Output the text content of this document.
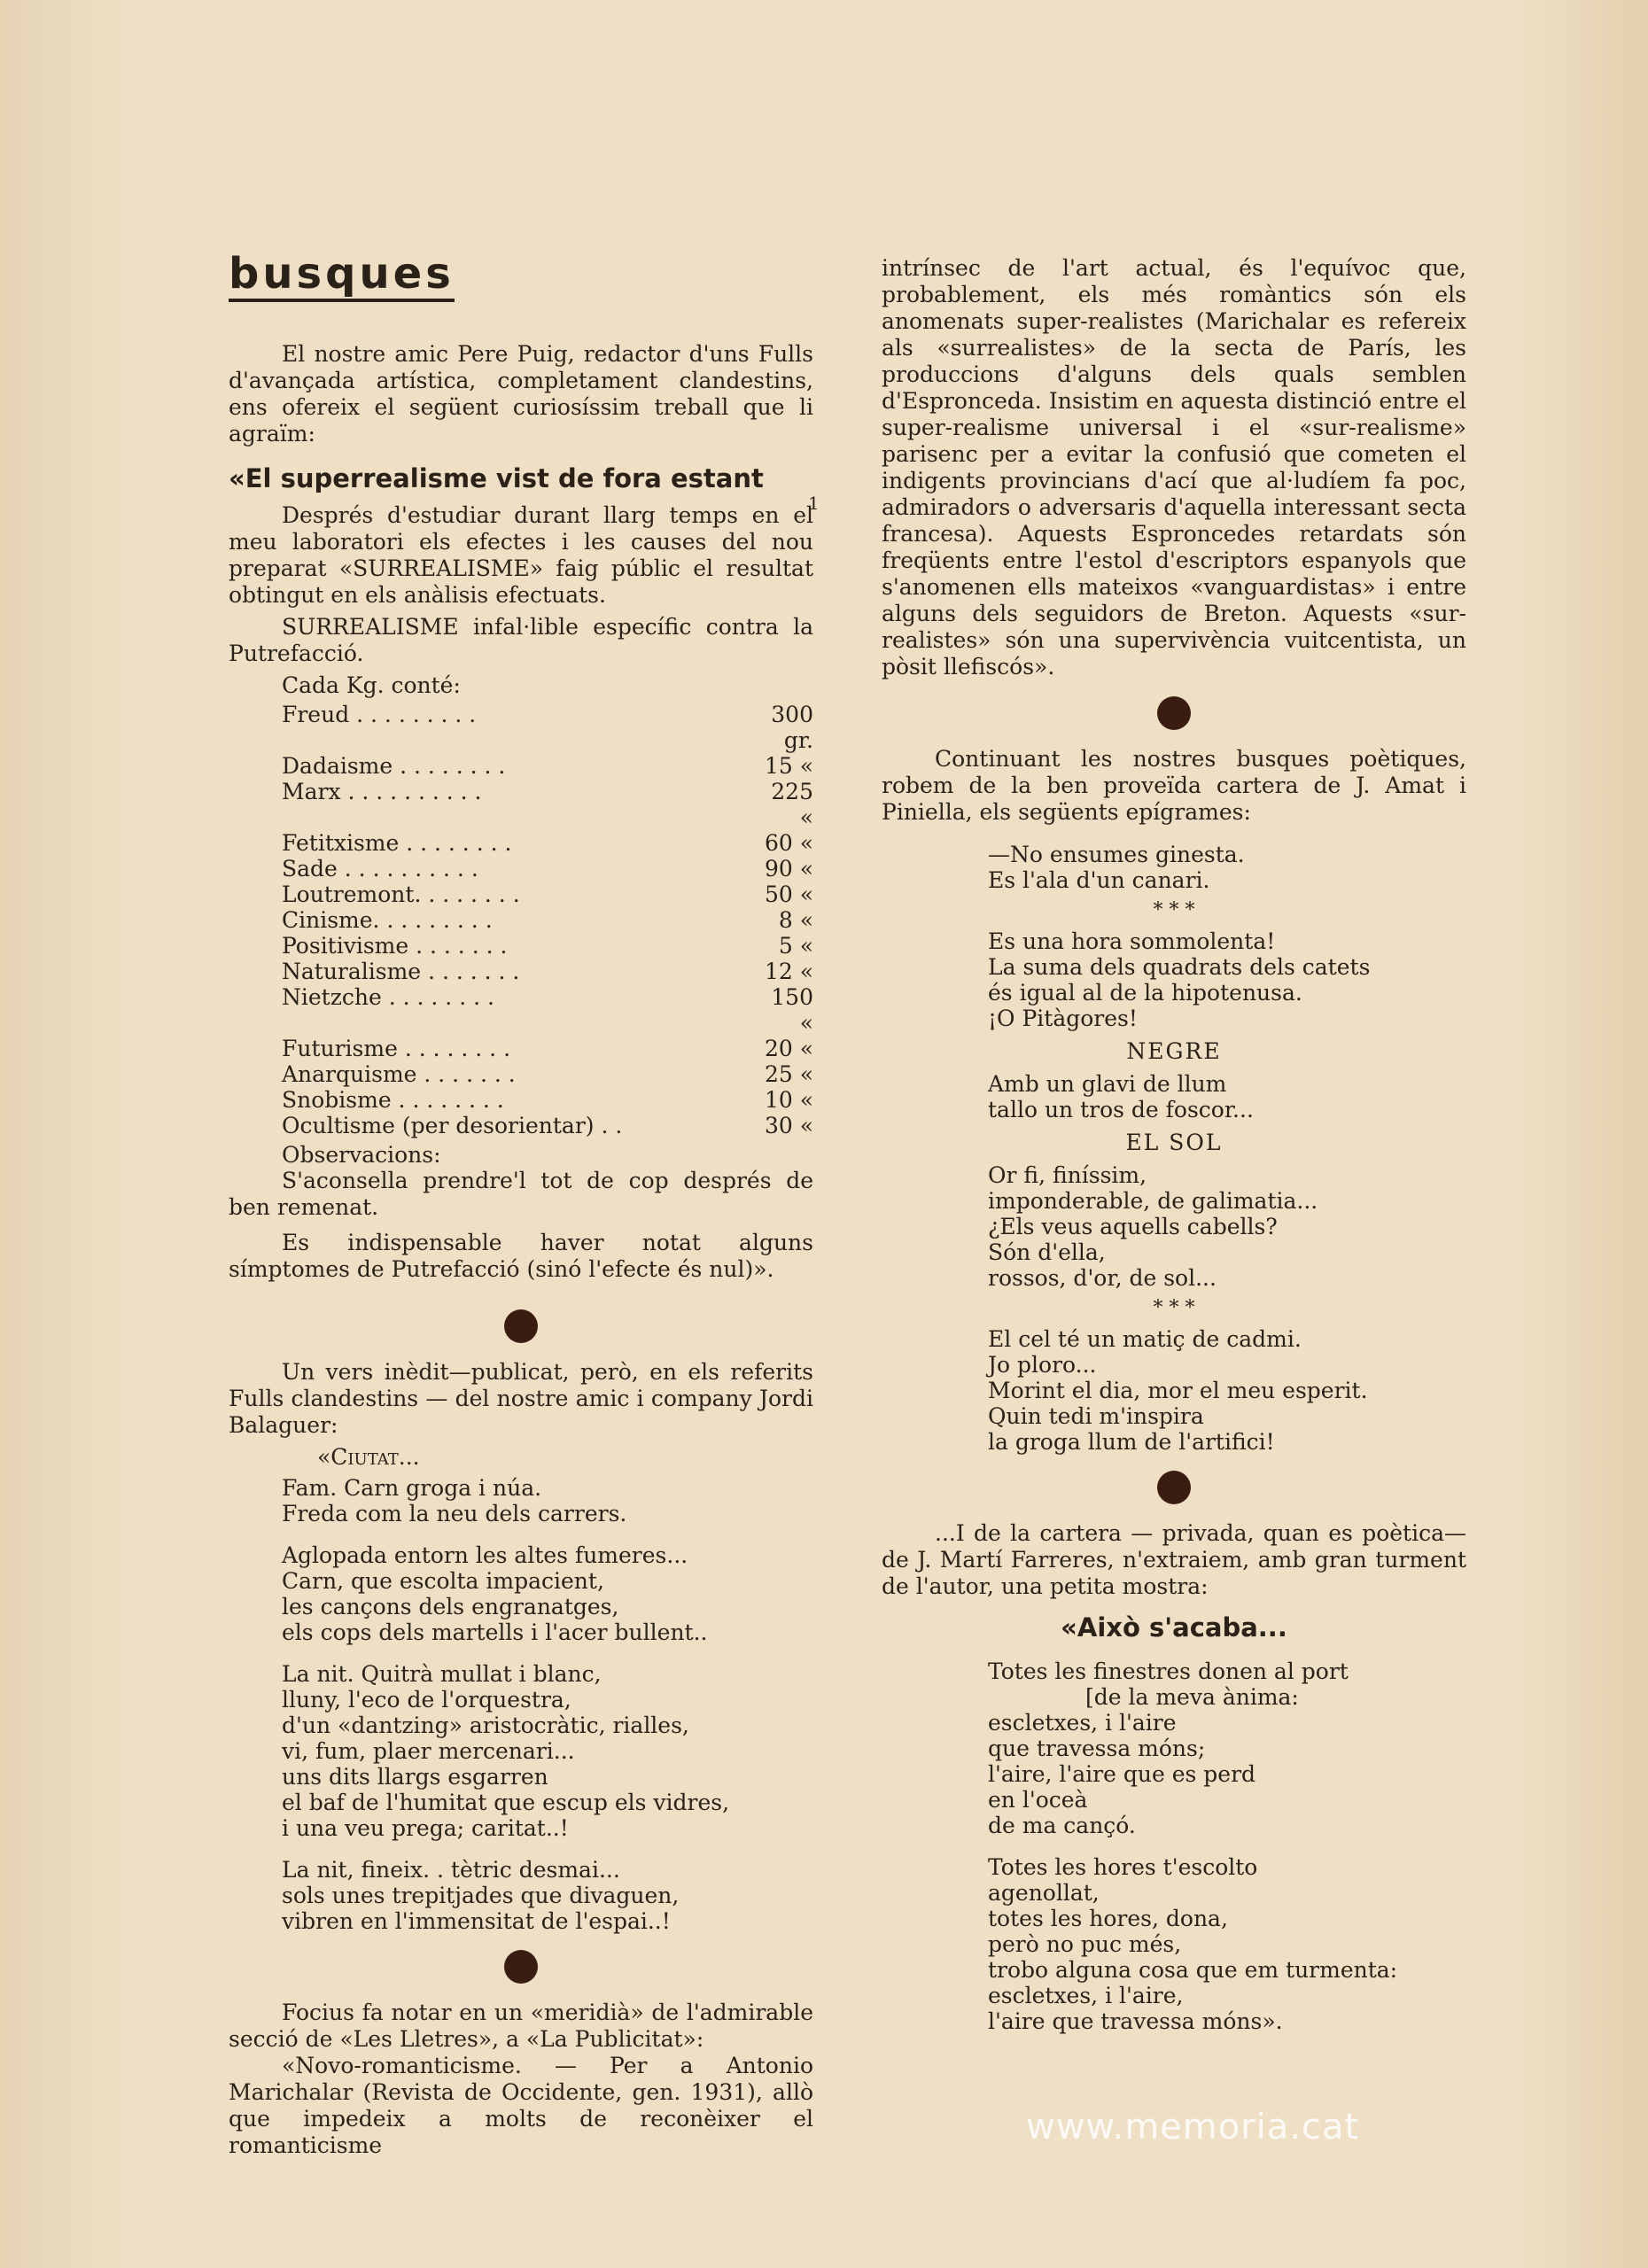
busques

El nostre amic Pere Puig, redactor d'uns Fulls d'avançada artística, completament clandestins, ens ofereix el següent curiosíssim treball que li agraïm:

«El superrealisme vist de fora estant

Després d'estudiar durant llarg temps en el meu laboratori els efectes i les causes del nou preparat «SURREALISME» faig públic el resultat obtingut en els anàlisis efectuats.

SURREALISME infal·lible específic contra la Putrefacció.

Cada Kg. conté:
Freud . . . . . . . . .	300 gr.
Dadaisme . . . . . . . .	15 «
Marx . . . . . . . . . .	225 «
Fetitxisme . . . . . . . .	60 «
Sade . . . . . . . . . .	90 «
Loutremont. . . . . . . .	50 «
Cinisme. . . . . . . . .	8 «
Positivisme . . . . . . .	5 «
Naturalisme . . . . . . .	12 «
Nietzche . . . . . . . .	150 «
Futurisme . . . . . . . .	20 «
Anarquisme . . . . . . .	25 «
Snobisme . . . . . . . .	10 «
Ocultisme (per desorientar) . .	30 «
Observacions:

S'aconsella prendre'l tot de cop després de ben remenat.

Es indispensable haver notat alguns símptomes de Putrefacció (sinó l'efecte és nul)».

Un vers inèdit—publicat, però, en els referits Fulls clandestins — del nostre amic i company Jordi Balaguer:

«Ciutat...
Fam. Carn groga i núa.
Freda com la neu dels carrers.
Aglopada entorn les altes fumeres...
Carn, que escolta impacient,
les cançons dels engranatges,
els cops dels martells i l'acer bullent..
La nit. Quitrà mullat i blanc,
lluny, l'eco de l'orquestra,
d'un «dantzing» aristocràtic, rialles,
vi, fum, plaer mercenari...
uns dits llargs esgarren
el baf de l'humitat que escup els vidres,
i una veu prega; caritat..!
La nit, fineix. . tètric desmai...
sols unes trepitjades que divaguen,
vibren en l'immensitat de l'espai..!

Focius fa notar en un «meridià» de l'admirable secció de «Les Lletres», a «La Publicitat»:

«Novo-romanticisme. — Per a Antonio Marichalar (Revista de Occidente, gen. 1931), allò que impedeix a molts de reconèixer el romanticisme

1

intrínsec de l'art actual, és l'equívoc que, probablement, els més romàntics són els anomenats super-realistes (Marichalar es refereix als «surrealistes» de la secta de París, les produccions d'alguns dels quals semblen d'Espronceda. Insistim en aquesta distinció entre el super-realisme universal i el «sur-realisme» parisenc per a evitar la confusió que cometen el indigents provincians d'ací que al·ludíem fa poc, admiradors o adversaris d'aquella interessant secta francesa). Aquests Esproncedes retardats són freqüents entre l'estol d'escriptors espanyols que s'anomenen ells mateixos «vanguardistas» i entre alguns dels seguidors de Breton. Aquests «sur-realistes» són una supervivència vuitcentista, un pòsit llefiscós».

Continuant les nostres busques poètiques, robem de la ben proveïda cartera de J. Amat i Piniella, els següents epígrames:

—No ensumes ginesta.
Es l'ala d'un canari.
* * *
Es una hora sommolenta!
La suma dels quadrats dels catets
és igual al de la hipotenusa.
¡O Pitàgores!
NEGRE
Amb un glavi de llum
tallo un tros de foscor...
EL SOL
Or fi, finíssim,
imponderable, de galimatia...
¿Els veus aquells cabells?
Són d'ella,
rossos, d'or, de sol...
* * *
El cel té un matiç de cadmi.
Jo ploro...
Morint el dia, mor el meu esperit.
Quin tedi m'inspira
la groga llum de l'artifici!

...I de la cartera — privada, quan es poètica— de J. Martí Farreres, n'extraiem, amb gran turment de l'autor, una petita mostra:

«Això s'acaba...
Totes les finestres donen al port
[de la meva ànima:
escletxes, i l'aire
que travessa móns;
l'aire, l'aire que es perd
en l'oceà
de ma cançó.
Totes les hores t'escolto
agenollat,
totes les hores, dona,
però no puc més,
trobo alguna cosa que em turmenta:
escletxes, i l'aire,
l'aire que travessa móns».
www.memoria.cat
